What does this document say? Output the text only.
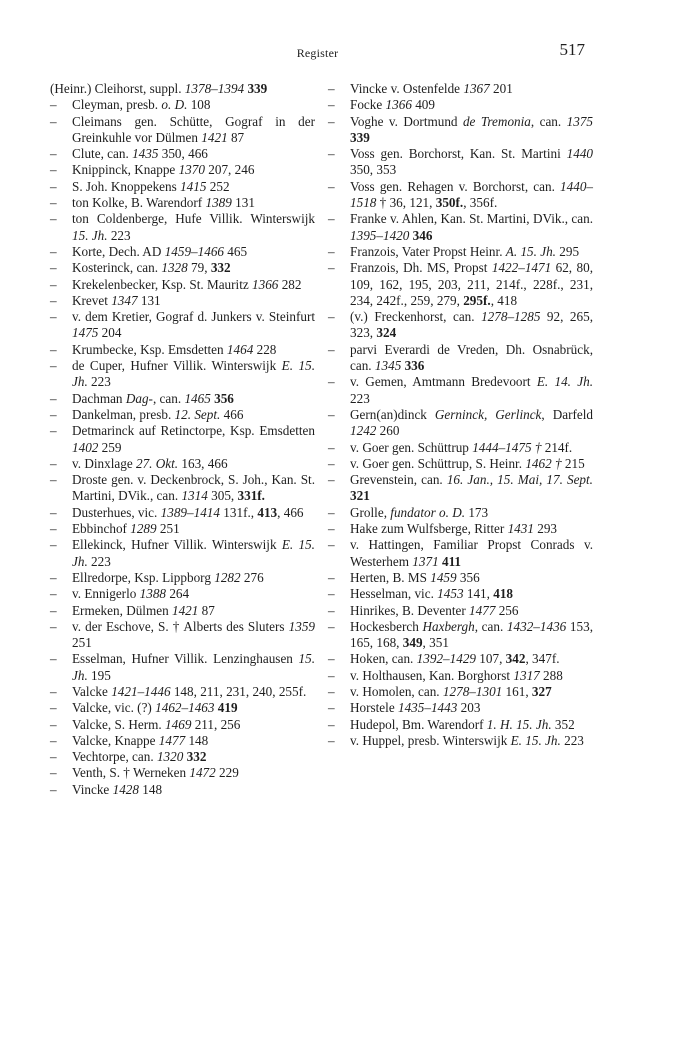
Register	517
(Heinr.) Cleihorst, suppl. 1378–1394 339
– Cleyman, presb. o. D. 108
– Cleimans gen. Schütte, Gograf in der Greinkuhle vor Dülmen 1421 87
– Clute, can. 1435 350, 466
– Knippinck, Knappe 1370 207, 246
– S. Joh. Knoppekens 1415 252
– ton Kolke, B. Warendorf 1389 131
– ton Coldenberge, Hufe Villik. Winterswijk 15. Jh. 223
– Korte, Dech. AD 1459–1466 465
– Kosterinck, can. 1328 79, 332
– Krekelenbecker, Ksp. St. Mauritz 1366 282
– Krevet 1347 131
– v. dem Kretier, Gograf d. Junkers v. Steinfurt 1475 204
– Krumbecke, Ksp. Emsdetten 1464 228
– de Cuper, Hufner Villik. Winterswijk E. 15. Jh. 223
– Dachman Dag-, can. 1465 356
– Dankelman, presb. 12. Sept. 466
– Detmarinck auf Retinctorpe, Ksp. Emsdetten 1402 259
– v. Dinxlage 27. Okt. 163, 466
– Droste gen. v. Deckenbrock, S. Joh., Kan. St. Martini, DVik., can. 1314 305, 331f.
– Dusterhues, vic. 1389–1414 131f., 413, 466
– Ebbinchof 1289 251
– Ellekinck, Hufner Villik. Winterswijk E. 15. Jh. 223
– Ellredorpe, Ksp. Lippborg 1282 276
– v. Ennigerlo 1388 264
– Ermeken, Dülmen 1421 87
– v. der Eschove, S. † Alberts des Sluters 1359 251
– Esselman, Hufner Villik. Lenzinghausen 15. Jh. 195
– Valcke 1421–1446 148, 211, 231, 240, 255f.
– Valcke, vic. (?) 1462–1463 419
– Valcke, S. Herm. 1469 211, 256
– Valcke, Knappe 1477 148
– Vechtorpe, can. 1320 332
– Venth, S. † Werneken 1472 229
– Vincke 1428 148
– Vincke v. Ostenfelde 1367 201
– Focke 1366 409
– Voghe v. Dortmund de Tremonia, can. 1375 339
– Voss gen. Borchorst, Kan. St. Martini 1440 350, 353
– Voss gen. Rehagen v. Borchorst, can. 1440–1518 † 36, 121, 350f., 356f.
– Franke v. Ahlen, Kan. St. Martini, DVik., can. 1395–1420 346
– Franzois, Vater Propst Heinr. A. 15. Jh. 295
– Franzois, Dh. MS, Propst 1422–1471 62, 80, 109, 162, 195, 203, 211, 214f., 228f., 231, 234, 242f., 259, 279, 295f., 418
– (v.) Freckenhorst, can. 1278–1285 92, 265, 323, 324
– parvi Everardi de Vreden, Dh. Osnabrück, can. 1345 336
– v. Gemen, Amtmann Bredevoort E. 14. Jh. 223
– Gern(an)dinck Gerninck, Gerlinck, Darfeld 1242 260
– v. Goer gen. Schüttrup 1444–1475 † 214f.
– v. Goer gen. Schüttrup, S. Heinr. 1462 † 215
– Grevenstein, can. 16. Jan., 15. Mai, 17. Sept. 321
– Grolle, fundator o. D. 173
– Hake zum Wulfsberge, Ritter 1431 293
– v. Hattingen, Familiar Propst Conrads v. Westerhem 1371 411
– Herten, B. MS 1459 356
– Hesselman, vic. 1453 141, 418
– Hinrikes, B. Deventer 1477 256
– Hockesberch Haxbergh, can. 1432–1436 153, 165, 168, 349, 351
– Hoken, can. 1392–1429 107, 342, 347f.
– v. Holthausen, Kan. Borghorst 1317 288
– v. Homolen, can. 1278–1301 161, 327
– Horstele 1435–1443 203
– Hudepol, Bm. Warendorf 1. H. 15. Jh. 352
– v. Huppel, presb. Winterswijk E. 15. Jh. 223
